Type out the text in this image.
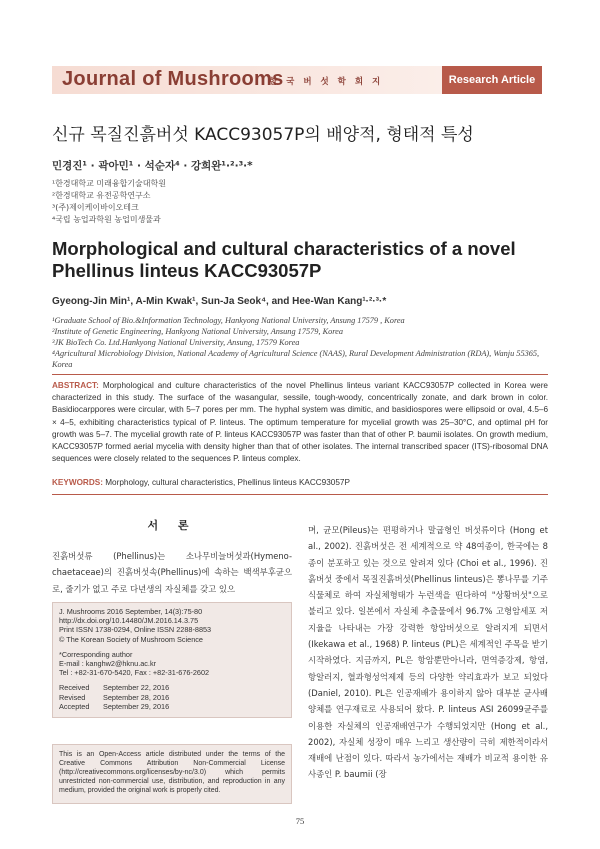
Journal of Mushrooms
한 국 버 섯 학 회 지	Research Article
신규 목질진흙버섯 KACC93057P의 배양적, 형태적 특성
민경진¹ · 곽아민¹ · 석순자⁴ · 강희완¹·²·³·*
¹한경대학교 미래융합기술대학원
²한경대학교 유전공학연구소
³(주)제이케이바이오테크
⁴국립 농업과학원 농업미생물과
Morphological and cultural characteristics of a novel Phellinus linteus KACC93057P
Gyeong-Jin Min¹, A-Min Kwak¹, Sun-Ja Seok⁴, and Hee-Wan Kang¹·²·³·*
¹Graduate School of Bio.&Information Technology, Hankyong National University, Ansung 17579 , Korea
²Institute of Genetic Engineering, Hankyong National University, Ansung 17579, Korea
³JK BioTech Co. Ltd.Hankyong National University, Ansung, 17579 Korea
⁴Agricultural Microbiology Division, National Academy of Agricultural Science (NAAS), Rural Development Administration (RDA), Wanju 55365, Korea
ABSTRACT: Morphological and culture characteristics of the novel Phellinus linteus variant KACC93057P collected in Korea were characterized in this study. The surface of the wasangular, sessile, tough-woody, concentrically zonate, and dark brown in color. Basidiocarppores were circular, with 5–7 pores per mm. The hyphal system was dimitic, and basidiospores were ellipsoid or oval, 4.5–6 × 4–5, exhibiting characteristics typical of P. linteus. The optimum temperature for mycelial growth was 25–30°C, and optimal pH for growth was 5–7. The mycelial growth rate of P. linteus KACC93057P was faster than that of other P. baumii isolates. On growth medium, KACC93057P formed aerial mycelia with density higher than that of other isolates. The internal transcribed spacer (ITS)-ribosomal DNA sequences were closely related to the sequences P. linteus complex.
KEYWORDS: Morphology, cultural characteristics, Phellinus linteus KACC93057P
서 론
진흙버섯류 (Phellinus)는 소나무비늘버섯과(Hymeno-chaetaceae)의 진흙버섯속(Phellinus)에 속하는 백색부후균으로, 줄기가 없고 주로 다년생의 자실체를 갖고 있으
J. Mushrooms 2016 September, 14(3):75-80
http://dx.doi.org/10.14480/JM.2016.14.3.75
Print ISSN 1738-0294, Online ISSN 2288-8853
© The Korean Society of Mushroom Science
*Corresponding author
E-mail : kanghw2@hknu.ac.kr
Tel : +82-31-670-5420, Fax : +82-31-676-2602
Received September 22, 2016
Revised September 28, 2016
Accepted September 29, 2016
This is an Open-Access article distributed under the terms of the Creative Commons Attribution Non-Commercial License (http://creativecommons.org/licenses/by-nc/3.0) which permits unrestricted non-commercial use, distribution, and reproduction in any medium, provided the original work is properly cited.
며, 균모(Pileus)는 편평하거나 말굽형인 버섯류이다 (Hong et al., 2002). 진흙버섯은 전 세계적으로 약 48여종이, 한국에는 8종이 분포하고 있는 것으로 알려져 있다 (Choi et al., 1996). 진흙버섯 중에서 목질진흙버섯(Phellinus linteus)은 뽕나무를 기주식물체로 하여 자실체형태가 누런색을 띤다하여 "상황버섯"으로 불리고 있다. 일본에서 자실체 추출물에서 96.7% 고형암세포 저지율을 나타내는 가장 강력한 항암버섯으로 알려지게 되면서 (Ikekawa et al., 1968) P. linteus (PL)은 세계적인 주목을 받기 시작하였다. 지금까지, PL은 항암뿐만아니라, 면역증강제, 항염, 항알러지, 혈과형성억제제 등의 다양한 약리효과가 보고 되었다 (Daniel, 2010). PL은 인공재배가 용이하지 않아 대부분 균사배양체를 연구재료로 사용되어 왔다. P. linteus ASI 26099균주를 이용한 자실체의 인공재배연구가 수행되었지만 (Hong et al., 2002), 자실체 성장이 매우 느리고 생산량이 극히 제한적이라서 재배에 난점이 있다. 따라서 농가에서는 재배가 비교적 용이한 유사종인 P. baumii (장
75
